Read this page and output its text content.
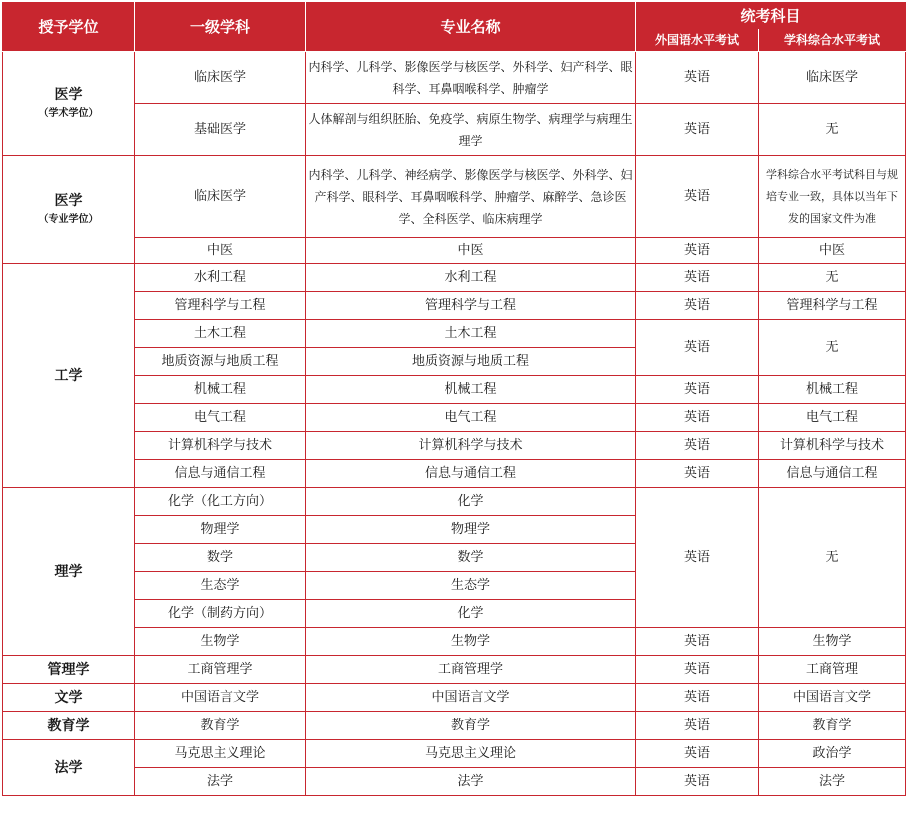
授予学位	一级学科	专业名称	统考科目	
			外国语水平考试	学科综合水平考试
医学
（学术学位）	临床医学	内科学、儿科学、影像医学与核医学、外科学、妇产科学、眼科学、耳鼻咽喉科学、肿瘤学	英语	临床医学
	基础医学	人体解剖与组织胚胎、免疫学、病原生物学、病理学与病理生理学	英语	无
医学
（专业学位）	临床医学	内科学、儿科学、神经病学、影像医学与核医学、外科学、妇产科学、眼科学、耳鼻咽喉科学、肿瘤学、麻醉学、急诊医学、全科医学、临床病理学	英语	学科综合水平考试科目与规培专业一致，具体以当年下发的国家文件为准
	中医	中医	英语	中医
工学	水利工程	水利工程	英语	无
	管理科学与工程	管理科学与工程	英语	管理科学与工程
	土木工程	土木工程	英语	无
	地质资源与地质工程	地质资源与地质工程		
	机械工程	机械工程	英语	机械工程
	电气工程	电气工程	英语	电气工程
	计算机科学与技术	计算机科学与技术	英语	计算机科学与技术
	信息与通信工程	信息与通信工程	英语	信息与通信工程
理学	化学（化工方向）	化学	英语	无
	物理学	物理学		
	数学	数学		
	生态学	生态学		
	化学（制药方向）	化学		
	生物学	生物学	英语	生物学
管理学	工商管理学	工商管理学	英语	工商管理
文学	中国语言文学	中国语言文学	英语	中国语言文学
教育学	教育学	教育学	英语	教育学
法学	马克思主义理论	马克思主义理论	英语	政治学
	法学	法学	英语	法学
